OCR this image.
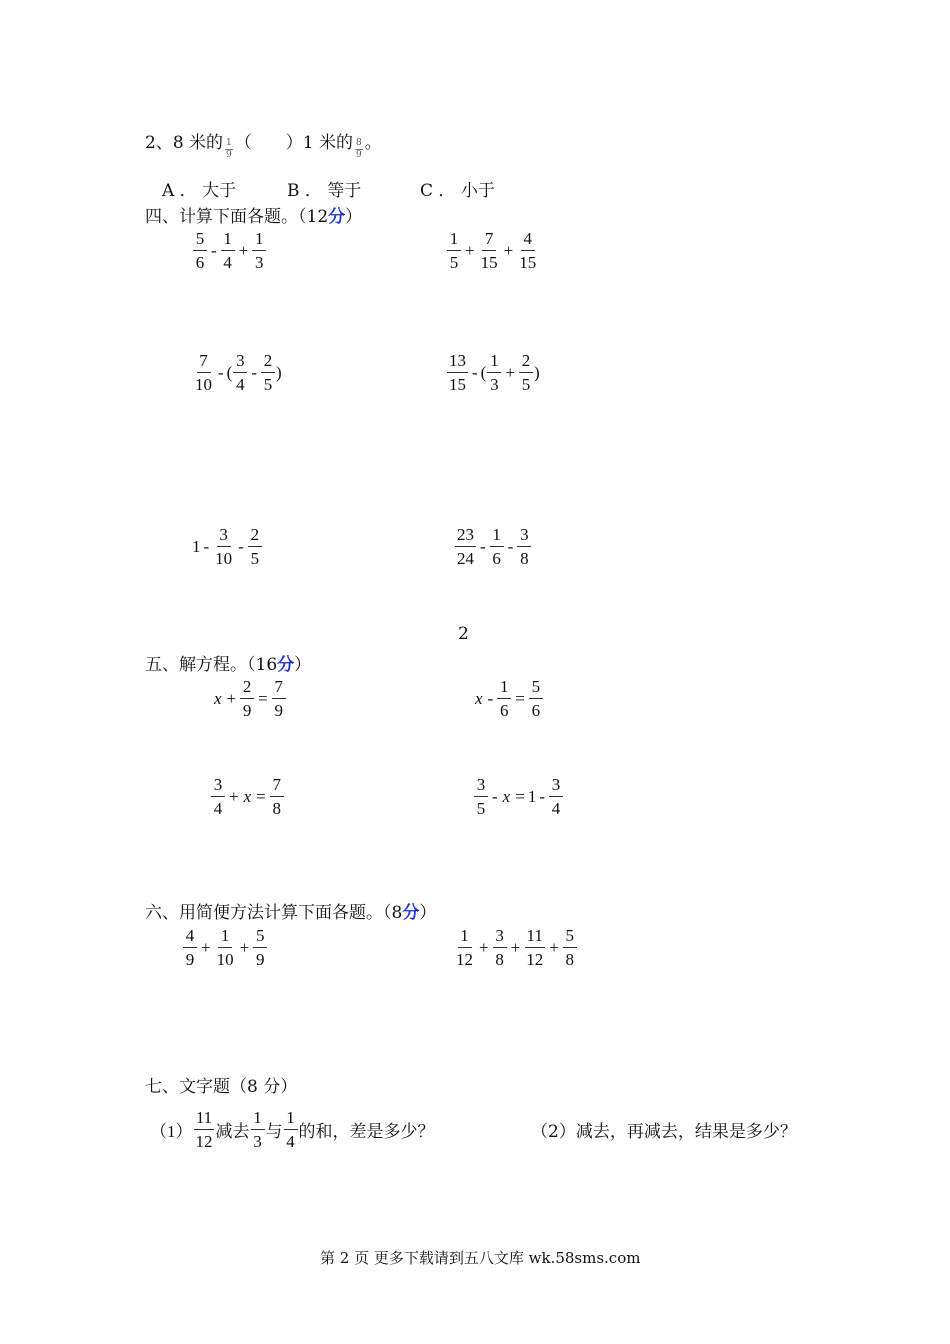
2、8 米的 $\frac{1}{9}$ （　　）1 米的 $\frac{8}{9}$ 。
A ． 大于	B ． 等于	C ． 小于
四、计算下面各题。（12分）
$\frac{5}{6} - \frac{1}{4} + \frac{1}{3}$	$\frac{1}{5} + \frac{7}{15} + \frac{4}{15}$
$\frac{7}{10}$ - ( $\frac{3}{4} - \frac{2}{5}$ )	$\frac{13}{15}$ - ( $\frac{1}{3} + \frac{2}{5}$ )
$1 - \frac{3}{10} - \frac{2}{5}$	$\frac{23}{24} - \frac{1}{6} - \frac{3}{8}$
2
五、解方程。（16分）
$x + \frac{2}{9} = \frac{7}{9}$	$x - \frac{1}{6} = \frac{5}{6}$
$\frac{3}{4} + x = \frac{7}{8}$	$\frac{3}{5} - x = 1 - \frac{3}{4}$
六、用简便方法计算下面各题。（8分）
$\frac{4}{9} + \frac{1}{10} + \frac{5}{9}$	$\frac{1}{12} + \frac{3}{8} + \frac{11}{12} + \frac{5}{8}$
七、文字题（8 分）
$(1) \frac{11}{12}$ 减去 $\frac{1}{3}$ 与 $\frac{1}{4}$ 的和，差是多少？	（2）减去，再减去，结果是多少？
第 2 页 更多下载请到五八文库 wk.58sms.com
